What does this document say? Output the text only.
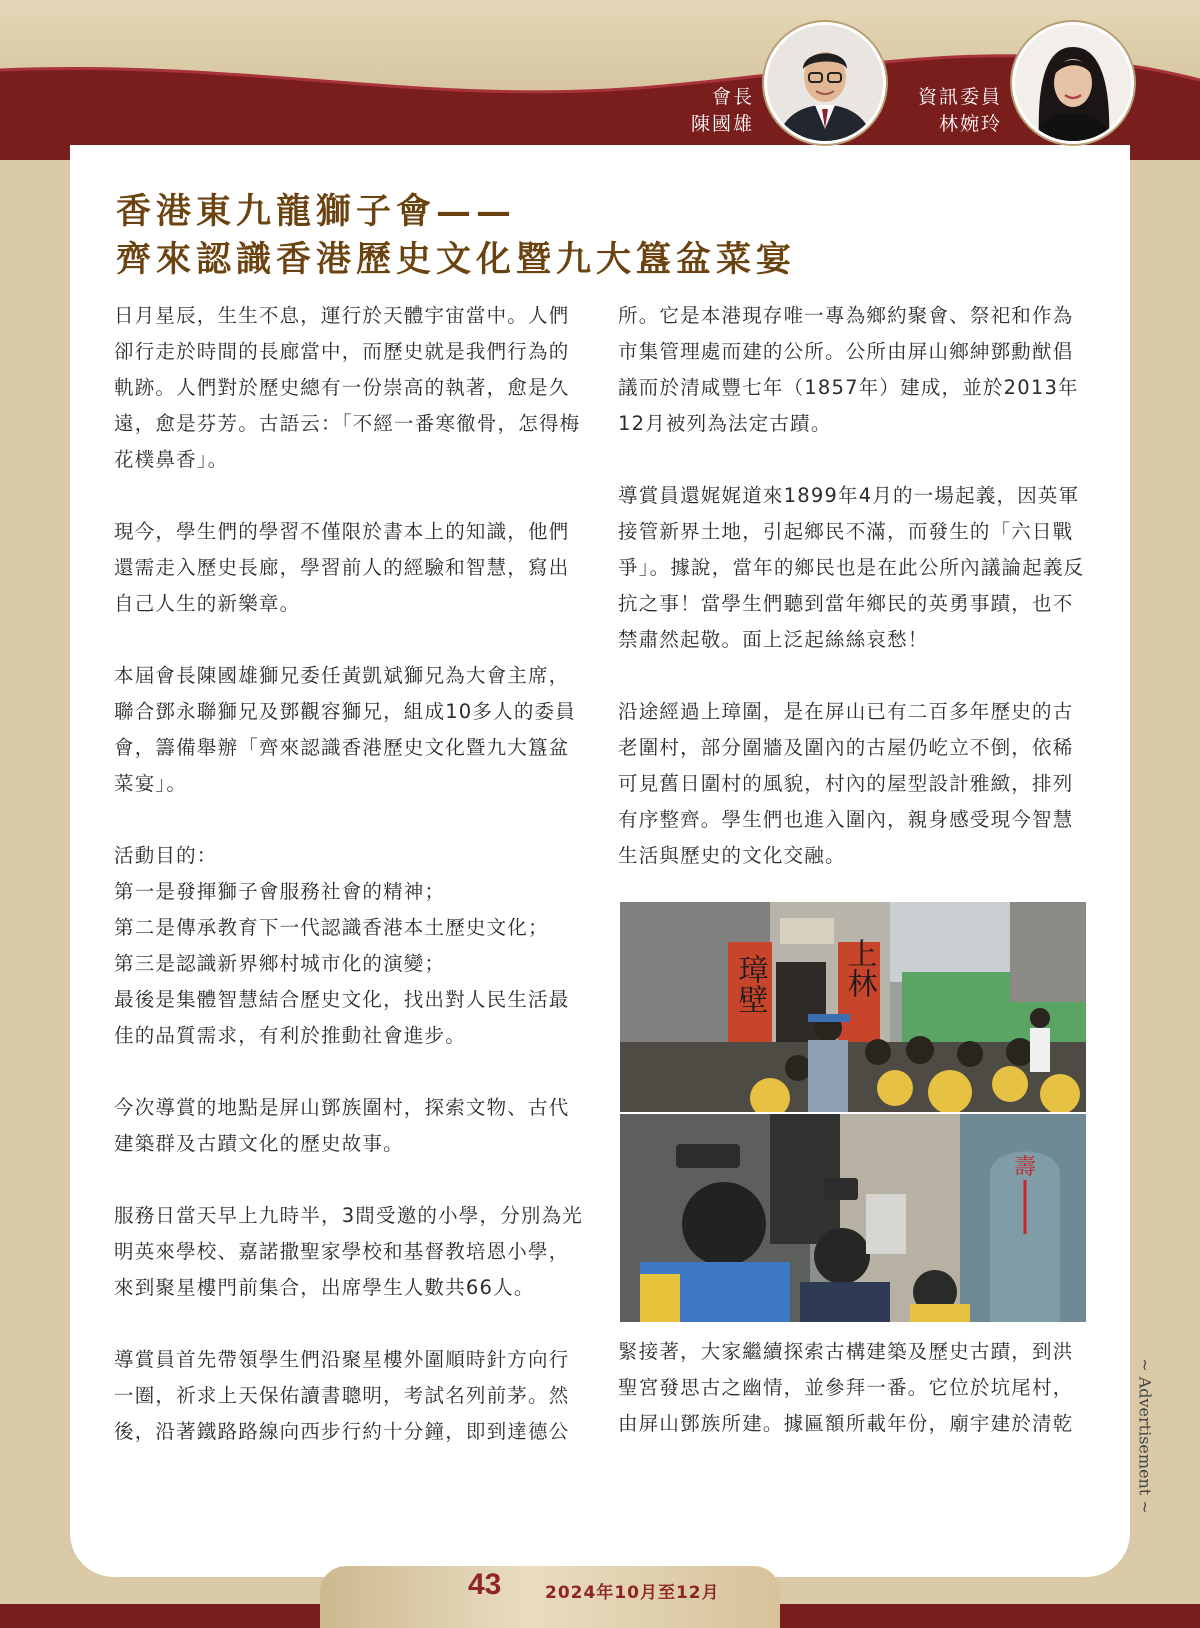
會長
陳國雄
資訊委員
林婉玲
香港東九龍獅子會——
齊來認識香港歷史文化暨九大簋盆菜宴

日月星辰，生生不息，運行於天體宇宙當中。人們卻行走於時間的長廊當中，而歷史就是我們行為的軌跡。人們對於歷史總有一份崇高的執著，愈是久遠，愈是芬芳。古語云：「不經一番寒徹骨，怎得梅花樸鼻香」。

現今，學生們的學習不僅限於書本上的知識，他們還需走入歷史長廊，學習前人的經驗和智慧，寫出自己人生的新樂章。

本屆會長陳國雄獅兄委任黃凱斌獅兄為大會主席，聯合鄧永聯獅兄及鄧觀容獅兄，組成10多人的委員會，籌備舉辦「齊來認識香港歷史文化暨九大簋盆菜宴」。

活動目的：

第一是發揮獅子會服務社會的精神；

第二是傳承教育下一代認識香港本土歷史文化；

第三是認識新界鄉村城市化的演變；

最後是集體智慧結合歷史文化，找出對人民生活最佳的品質需求，有利於推動社會進步。

今次導賞的地點是屏山鄧族圍村，探索文物、古代建築群及古蹟文化的歷史故事。

服務日當天早上九時半，3間受邀的小學，分別為光明英來學校、嘉諾撒聖家學校和基督教培恩小學，來到聚星樓門前集合，出席學生人數共66人。

導賞員首先帶領學生們沿聚星樓外圍順時針方向行一圈，祈求上天保佑讀書聰明，考試名列前茅。然後，沿著鐵路路線向西步行約十分鐘，即到達德公

所。它是本港現存唯一專為鄉約聚會、祭祀和作為市集管理處而建的公所。公所由屏山鄉紳鄧勳猷倡議而於清咸豐七年（1857年）建成，並於2013年12月被列為法定古蹟。

導賞員還娓娓道來1899年4月的一場起義，因英軍接管新界土地，引起鄉民不滿，而發生的「六日戰爭」。據說，當年的鄉民也是在此公所內議論起義反抗之事！當學生們聽到當年鄉民的英勇事蹟，也不禁肅然起敬。面上泛起絲絲哀愁！

沿途經過上璋圍，是在屏山已有二百多年歷史的古老圍村，部分圍牆及圍內的古屋仍屹立不倒，依稀可見舊日圍村的風貌，村內的屋型設計雅緻，排列有序整齊。學生們也進入圍內，親身感受現今智慧生活與歷史的文化交融。

璋壁 上林
壽

緊接著，大家繼續探索古構建築及歷史古蹟，到洪聖宮發思古之幽情，並參拜一番。它位於坑尾村，由屏山鄧族所建。據匾額所載年份，廟宇建於清乾	~ Advertisement ~
43	2024年10月至12月
